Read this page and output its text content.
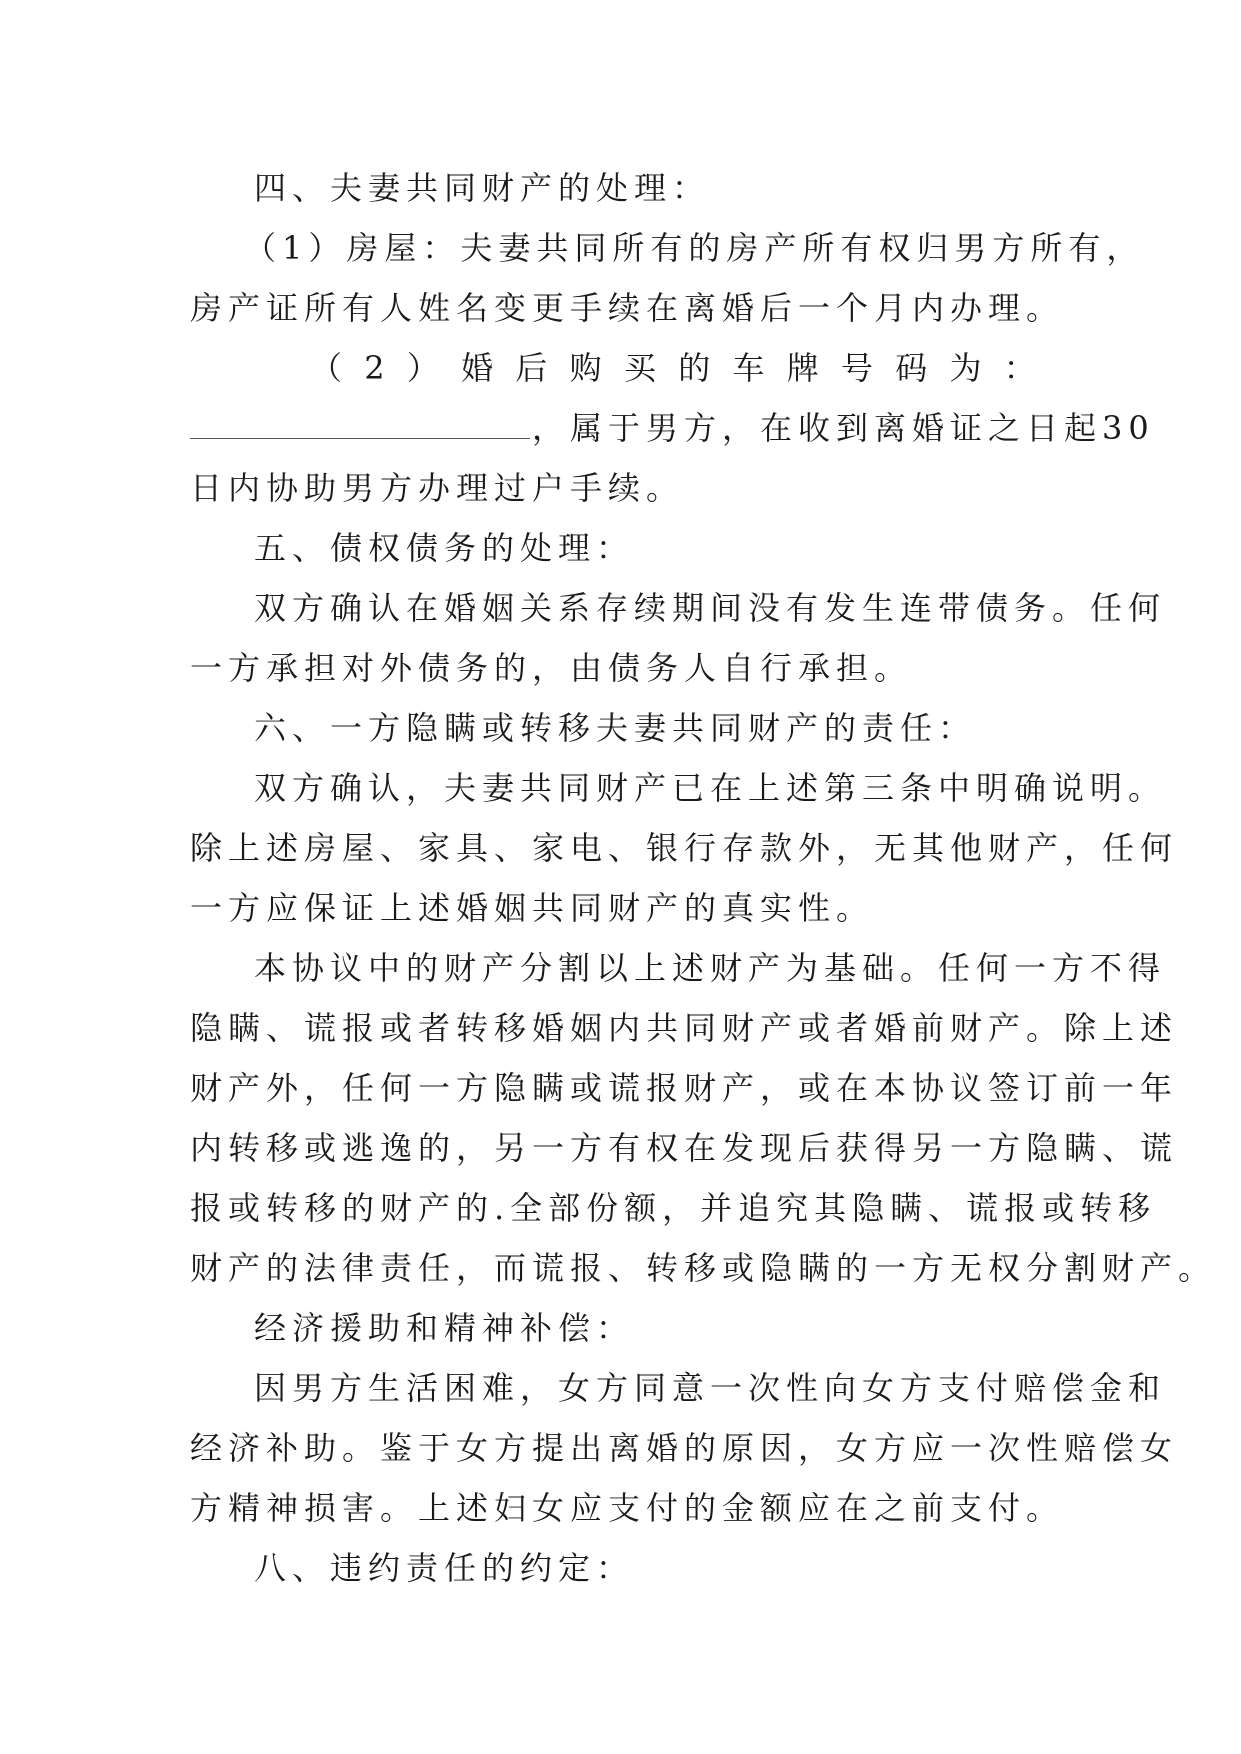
四、夫妻共同财产的处理：
（1）房屋：夫妻共同所有的房产所有权归男方所有，
房产证所有人姓名变更手续在离婚后一个月内办理。
（ 2 ） 婚 后 购 买 的 车 牌 号 码 为 ：
，属于男方，在收到离婚证之日起30
日内协助男方办理过户手续。
五、债权债务的处理：
双方确认在婚姻关系存续期间没有发生连带债务。任何
一方承担对外债务的，由债务人自行承担。
六、一方隐瞒或转移夫妻共同财产的责任：
双方确认，夫妻共同财产已在上述第三条中明确说明。
除上述房屋、家具、家电、银行存款外，无其他财产，任何
一方应保证上述婚姻共同财产的真实性。
本协议中的财产分割以上述财产为基础。任何一方不得
隐瞒、谎报或者转移婚姻内共同财产或者婚前财产。除上述
财产外，任何一方隐瞒或谎报财产，或在本协议签订前一年
内转移或逃逸的，另一方有权在发现后获得另一方隐瞒、谎
报或转移的财产的.全部份额，并追究其隐瞒、谎报或转移
财产的法律责任，而谎报、转移或隐瞒的一方无权分割财产。
经济援助和精神补偿：
因男方生活困难，女方同意一次性向女方支付赔偿金和
经济补助。鉴于女方提出离婚的原因，女方应一次性赔偿女
方精神损害。上述妇女应支付的金额应在之前支付。
八、违约责任的约定：
